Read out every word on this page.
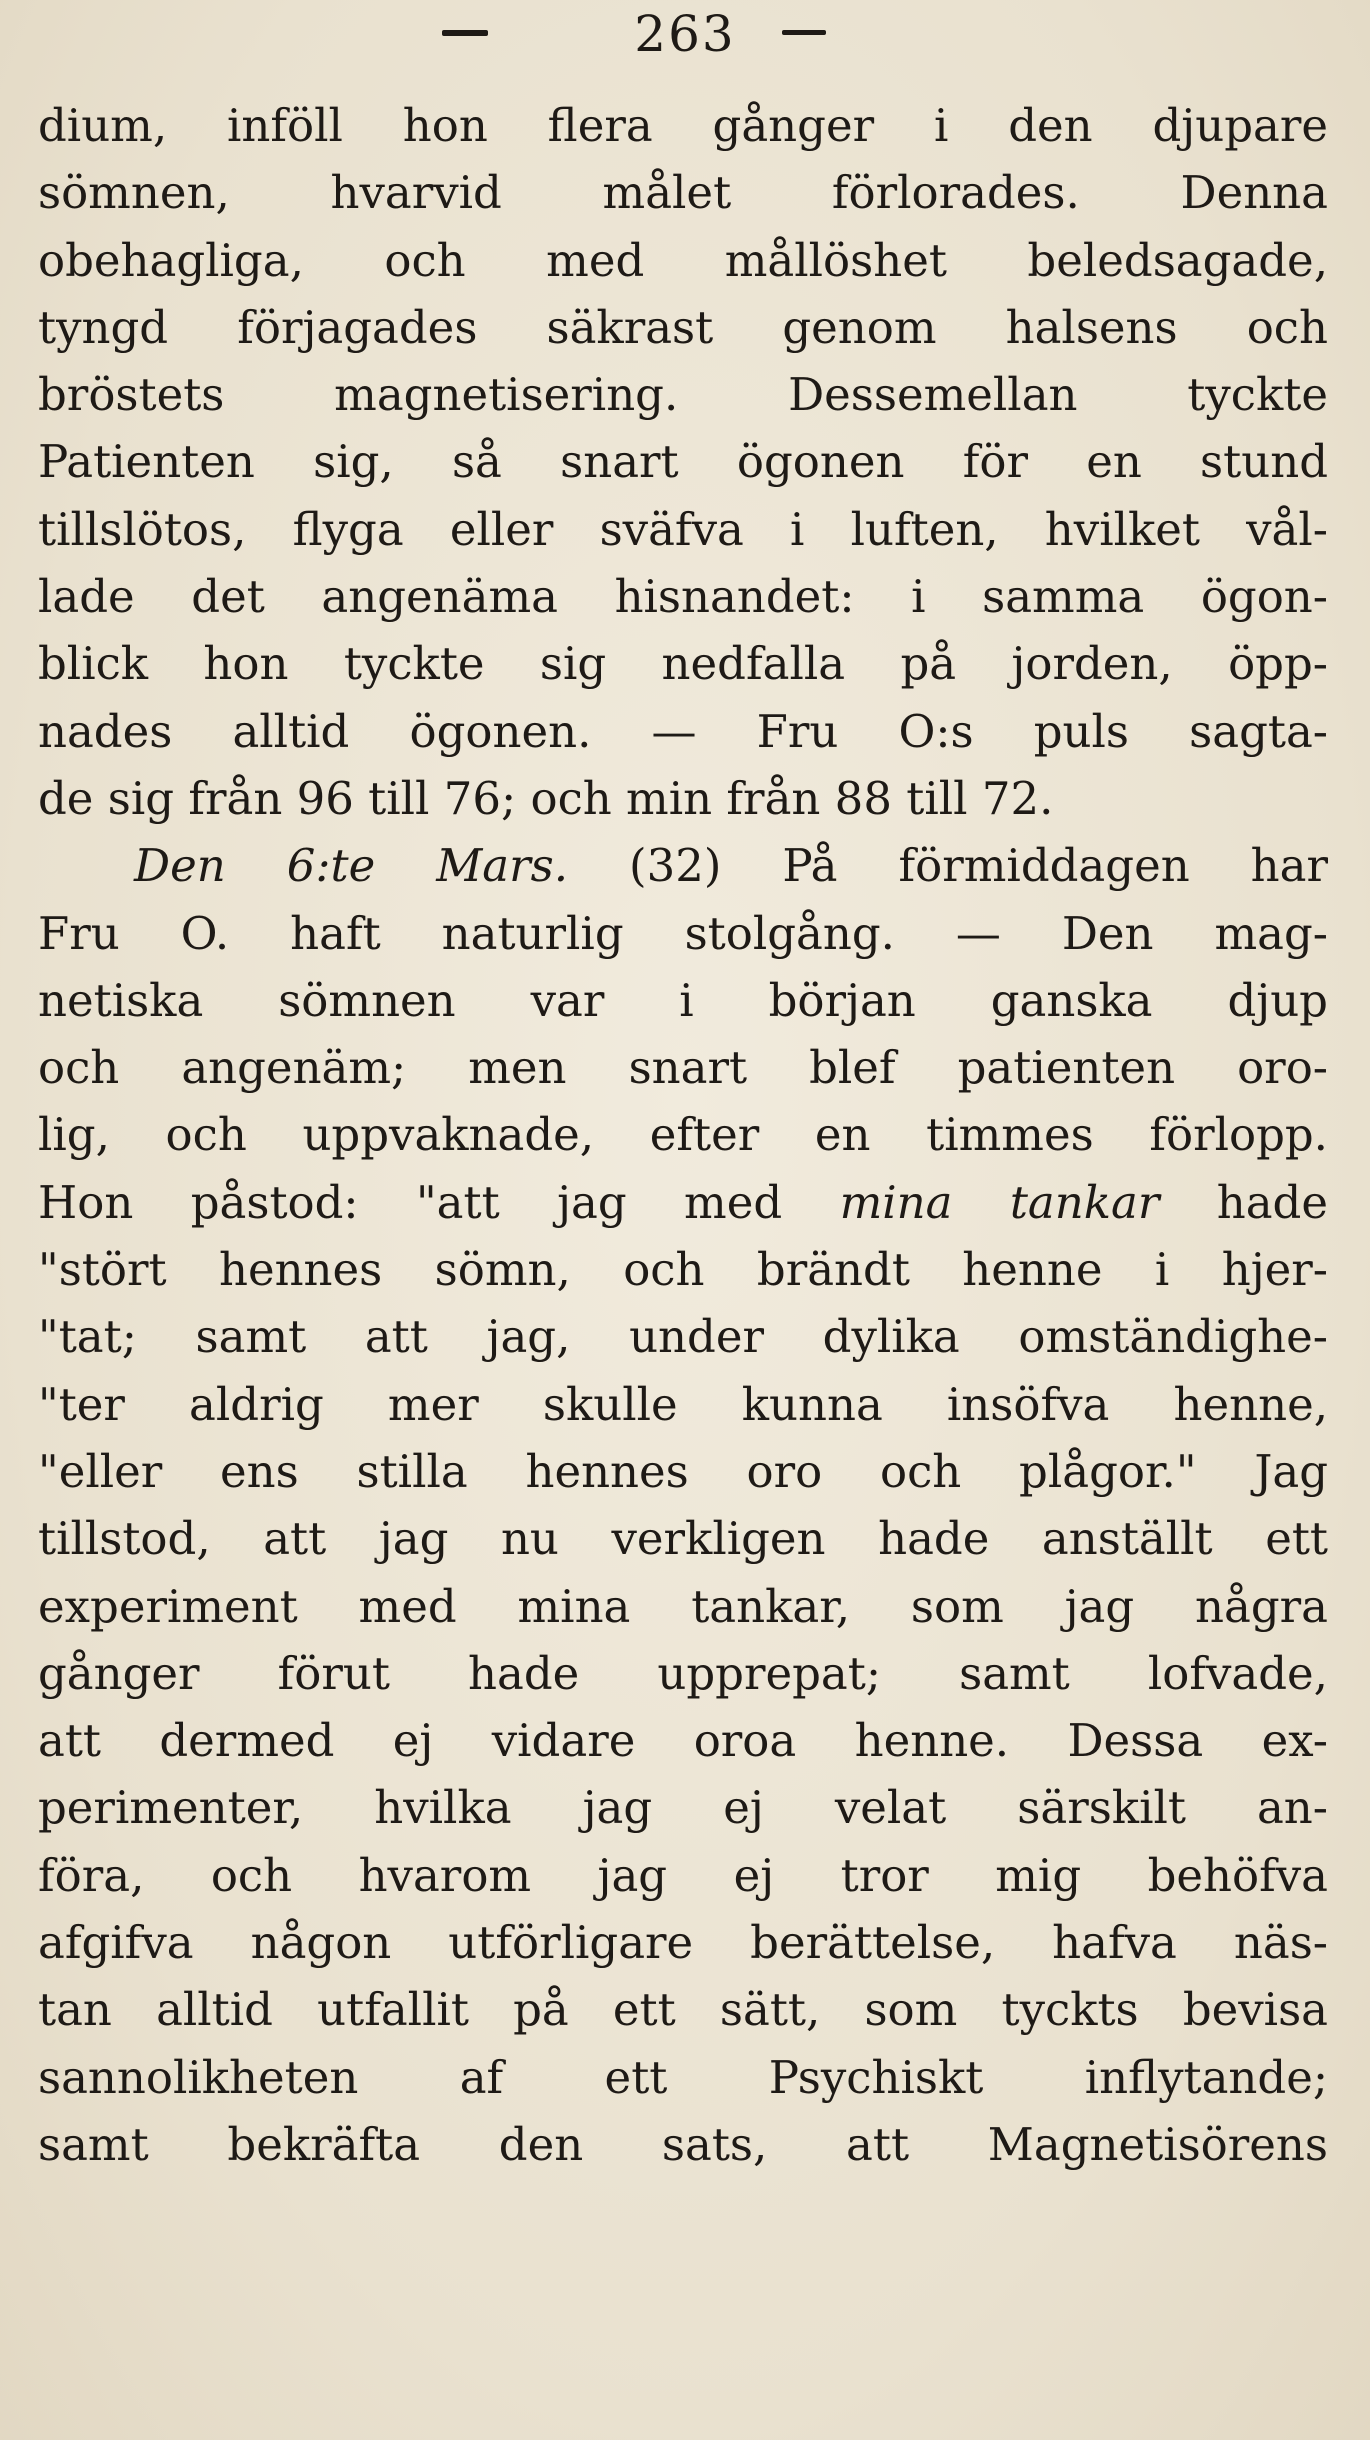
263
dium, inföll hon flera gånger i den djupare
sömnen, hvarvid målet förlorades. Denna
obehagliga, och med mållöshet beledsagade,
tyngd förjagades säkrast genom halsens och
bröstets magnetisering. Dessemellan tyckte
Patienten sig, så snart ögonen för en stund
tillslötos, flyga eller sväfva i luften, hvilket vål-
lade det angenäma hisnandet: i samma ögon-
blick hon tyckte sig nedfalla på jorden, öpp-
nades alltid ögonen. — Fru O:s puls sagta-
de sig från 96 till 76; och min från 88 till 72.
Den 6:te Mars. (32) På förmiddagen har
Fru O. haft naturlig stolgång. — Den mag-
netiska sömnen var i början ganska djup
och angenäm; men snart blef patienten oro-
lig, och uppvaknade, efter en timmes förlopp.
Hon påstod: "att jag med mina tankar hade
"stört hennes sömn, och brändt henne i hjer-
"tat; samt att jag, under dylika omständighe-
"ter aldrig mer skulle kunna insöfva henne,
"eller ens stilla hennes oro och plågor." Jag
tillstod, att jag nu verkligen hade anställt ett
experiment med mina tankar, som jag några
gånger förut hade upprepat; samt lofvade,
att dermed ej vidare oroa henne. Dessa ex-
perimenter, hvilka jag ej velat särskilt an-
föra, och hvarom jag ej tror mig behöfva
afgifva någon utförligare berättelse, hafva näs-
tan alltid utfallit på ett sätt, som tyckts bevisa
sannolikheten af ett Psychiskt inflytande;
samt bekräfta den sats, att Magnetisörens
